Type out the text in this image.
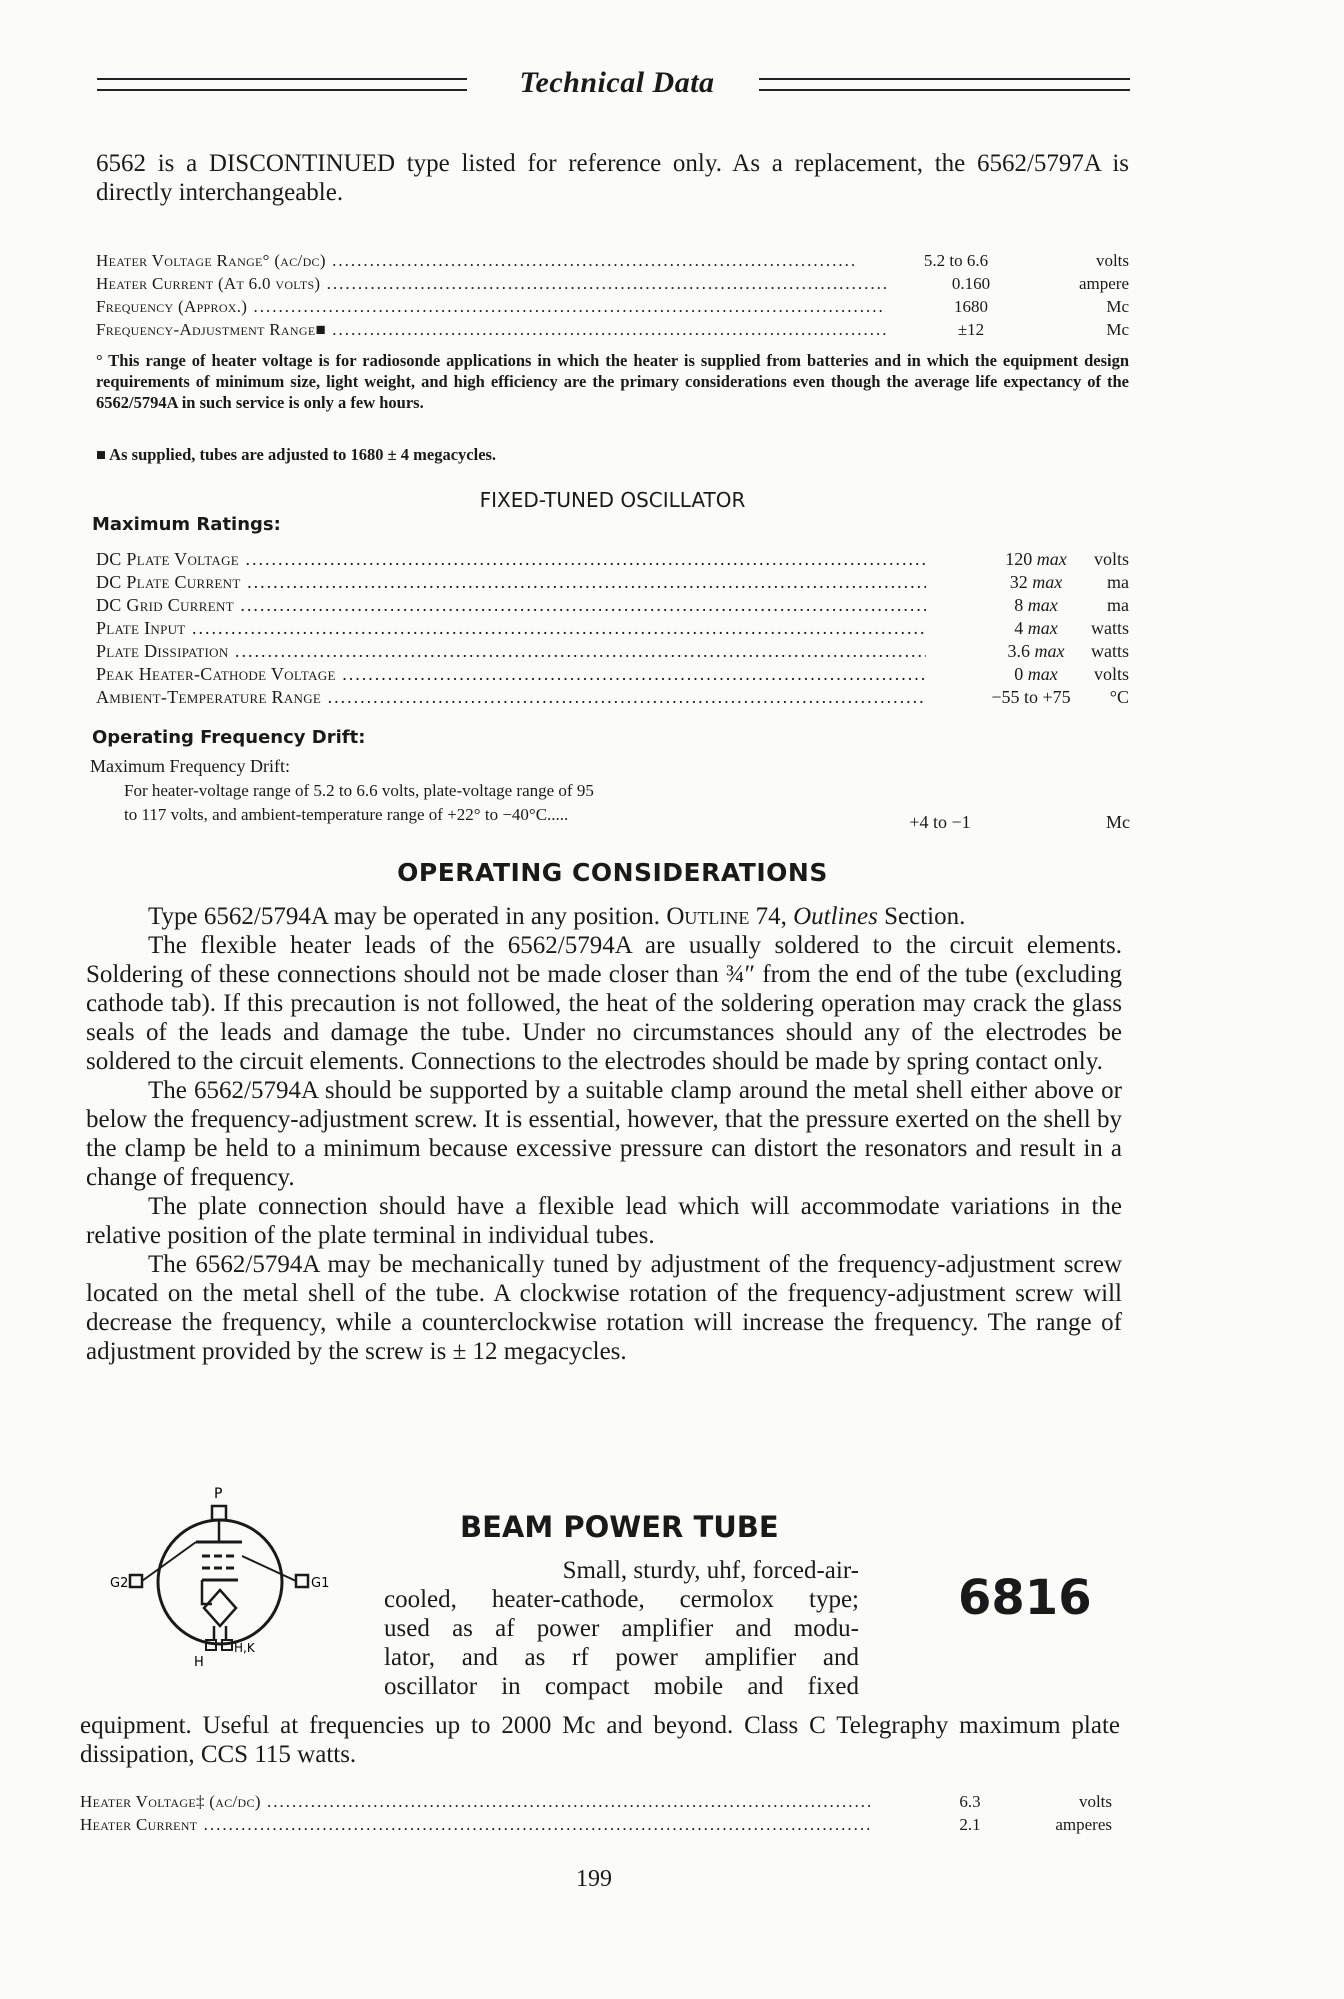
Technical Data
6562 is a DISCONTINUED type listed for reference only. As a replacement, the 6562/5797A is directly interchangeable.
Heater Voltage Range° (ac/dc) .....	5.2 to 6.6	volts
Heater Current (At 6.0 volts) .....	0.160	ampere
Frequency (Approx.) .....	1680	Mc
Frequency-Adjustment Range■ .....	±12	Mc
° This range of heater voltage is for radiosonde applications in which the heater is supplied from batteries and in which the equipment design requirements of minimum size, light weight, and high efficiency are the primary considerations even though the average life expectancy of the 6562/5794A in such service is only a few hours.
■ As supplied, tubes are adjusted to 1680 ± 4 megacycles.
FIXED-TUNED OSCILLATOR
Maximum Ratings:
DC Plate Voltage .....	120 max	volts
DC Plate Current .....	32 max	ma
DC Grid Current .....	8 max	ma
Plate Input .....	4 max	watts
Plate Dissipation .....	3.6 max	watts
Peak Heater-Cathode Voltage .....	0 max	volts
Ambient-Temperature Range .....	−55 to +75	°C
Operating Frequency Drift:
Maximum Frequency Drift:
For heater-voltage range of 5.2 to 6.6 volts, plate-voltage range of 95
to 117 volts, and ambient-temperature range of +22° to −40°C.....	+4 to −1	Mc
OPERATING CONSIDERATIONS

Type 6562/5794A may be operated in any position. Outline 74, Outlines Section.

The flexible heater leads of the 6562/5794A are usually soldered to the circuit elements. Soldering of these connections should not be made closer than ¾″ from the end of the tube (excluding cathode tab). If this precaution is not followed, the heat of the soldering operation may crack the glass seals of the leads and damage the tube. Under no circumstances should any of the electrodes be soldered to the circuit elements. Connections to the electrodes should be made by spring contact only.

The 6562/5794A should be supported by a suitable clamp around the metal shell either above or below the frequency-adjustment screw. It is essential, however, that the pressure exerted on the shell by the clamp be held to a minimum because excessive pressure can distort the resonators and result in a change of frequency.

The plate connection should have a flexible lead which will accommodate variations in the relative position of the plate terminal in individual tubes.

The 6562/5794A may be mechanically tuned by adjustment of the frequency-adjustment screw located on the metal shell of the tube. A clockwise rotation of the frequency-adjustment screw will decrease the frequency, while a counterclockwise rotation will increase the frequency. The range of adjustment provided by the screw is ± 12 megacycles.

P
G2	G1
H
H,K
BEAM POWER TUBE
6816
Small, sturdy, uhf, forced-air-
cooled, heater-cathode, cermolox type;
used as af power amplifier and modu-
lator, and as rf power amplifier and
oscillator in compact mobile and fixed
equipment. Useful at frequencies up to 2000 Mc and beyond. Class C Telegraphy maximum plate dissipation, CCS 115 watts.
Heater Voltage‡ (ac/dc) .....	6.3	volts
Heater Current .....	2.1	amperes
199
